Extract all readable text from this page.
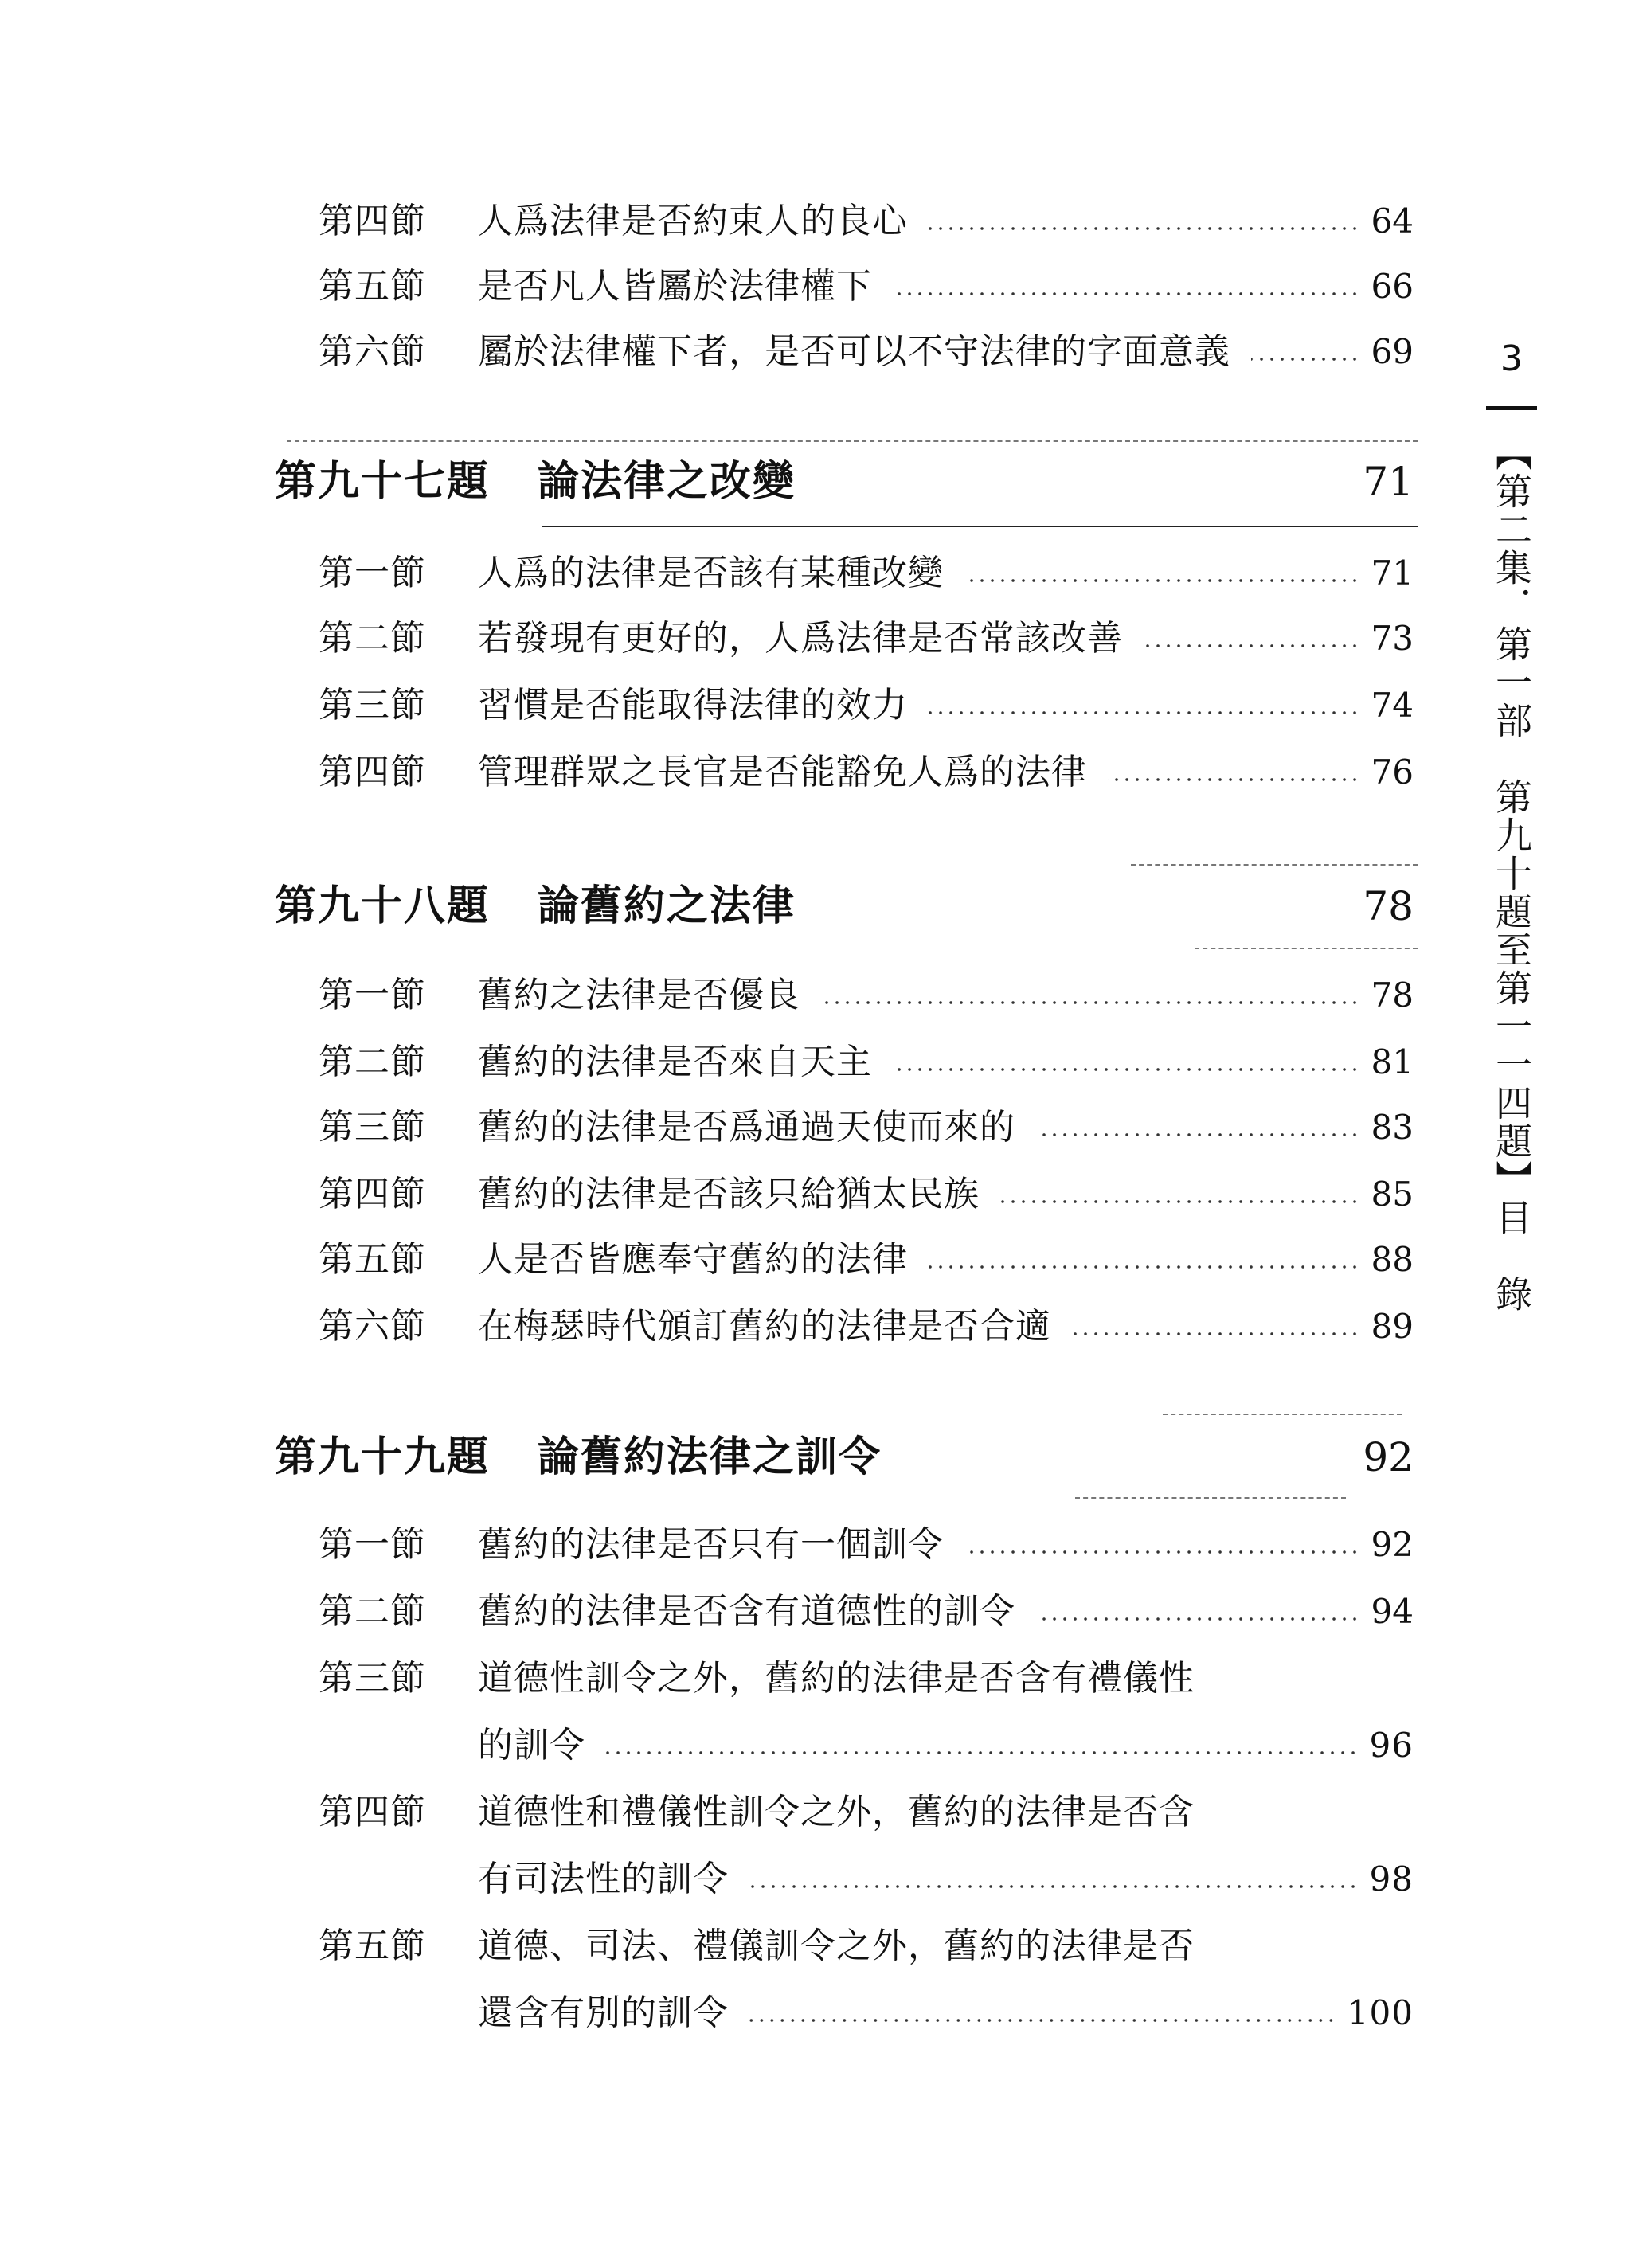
第四節	人爲法律是否約束人的良心	64
第五節	是否凡人皆屬於法律權下	66
第六節	屬於法律權下者，是否可以不守法律的字面意義	69
第九十七題	論法律之改變	71
第一節	人爲的法律是否該有某種改變	71
第二節	若發現有更好的，人爲法律是否常該改善	73
第三節	習慣是否能取得法律的效力	74
第四節	管理群眾之長官是否能豁免人爲的法律	76
第九十八題	論舊約之法律	78
第一節	舊約之法律是否優良	78
第二節	舊約的法律是否來自天主	81
第三節	舊約的法律是否爲通過天使而來的	83
第四節	舊約的法律是否該只給猶太民族	85
第五節	人是否皆應奉守舊約的法律	88
第六節	在梅瑟時代頒訂舊約的法律是否合適	89
第九十九題	論舊約法律之訓令	92
第一節	舊約的法律是否只有一個訓令	92
第二節	舊約的法律是否含有道德性的訓令	94
第三節 道德性訓令之外，舊約的法律是否含有禮儀性
的訓令	96
第四節 道德性和禮儀性訓令之外，舊約的法律是否含
有司法性的訓令	98
第五節 道德、司法、禮儀訓令之外，舊約的法律是否
還含有別的訓令	100
3
【第二集．第一部　第九十題至第一一四題】目　錄
